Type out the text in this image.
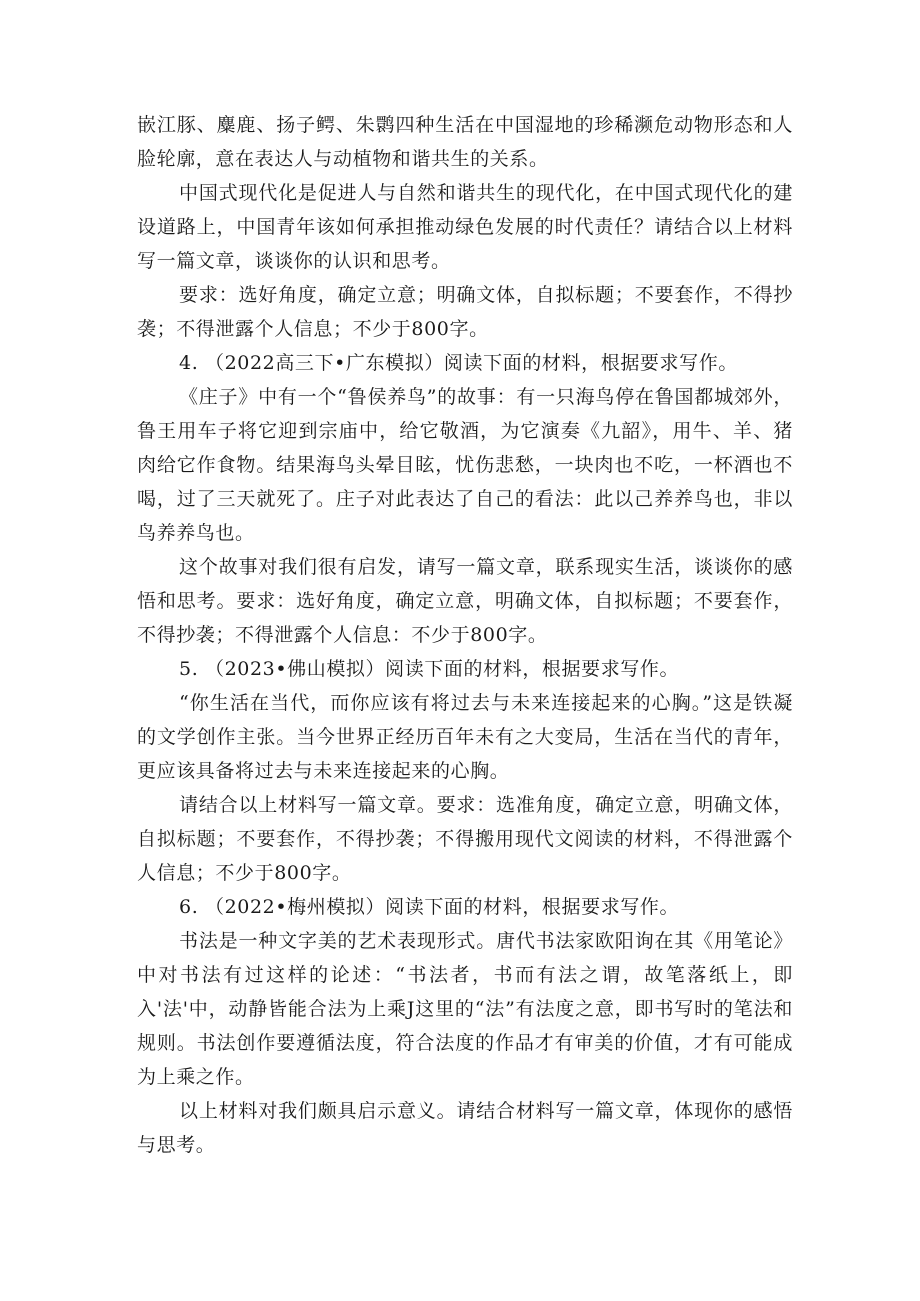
嵌江豚、麋鹿、扬子鳄、朱鹮四种生活在中国湿地的珍稀濒危动物形态和人脸轮廓，意在表达人与动植物和谐共生的关系。

中国式现代化是促进人与自然和谐共生的现代化，在中国式现代化的建设道路上，中国青年该如何承担推动绿色发展的时代责任？请结合以上材料写一篇文章，谈谈你的认识和思考。

要求：选好角度，确定立意；明确文体，自拟标题；不要套作，不得抄袭；不得泄露个人信息；不少于800字。

4. （2022高三下•广东模拟）阅读下面的材料，根据要求写作。

《庄子》中有一个“鲁侯养鸟”的故事：有一只海鸟停在鲁国都城郊外，鲁王用车子将它迎到宗庙中，给它敬酒，为它演奏《九韶》，用牛、羊、猪肉给它作食物。结果海鸟头晕目眩，忧伤悲愁，一块肉也不吃，一杯酒也不喝，过了三天就死了。庄子对此表达了自己的看法：此以己养养鸟也，非以鸟养养鸟也。

这个故事对我们很有启发，请写一篇文章，联系现实生活，谈谈你的感悟和思考。要求：选好角度，确定立意，明确文体，自拟标题；不要套作，不得抄袭；不得泄露个人信息：不少于800字。

5. （2023•佛山模拟）阅读下面的材料，根据要求写作。

“你生活在当代，而你应该有将过去与未来连接起来的心胸。”这是铁凝的文学创作主张。当今世界正经历百年未有之大变局，生活在当代的青年，更应该具备将过去与未来连接起来的心胸。

请结合以上材料写一篇文章。要求：选准角度，确定立意，明确文体，自拟标题；不要套作，不得抄袭；不得搬用现代文阅读的材料，不得泄露个人信息；不少于800字。

6. （2022•梅州模拟）阅读下面的材料，根据要求写作。

书法是一种文字美的艺术表现形式。唐代书法家欧阳询在其《用笔论》中对书法有过这样的论述：“书法者，书而有法之谓，故笔落纸上，即入'法'中，动静皆能合法为上乘J这里的“法”有法度之意，即书写时的笔法和规则。书法创作要遵循法度，符合法度的作品才有审美的价值，才有可能成为上乘之作。

以上材料对我们颇具启示意义。请结合材料写一篇文章，体现你的感悟与思考。
